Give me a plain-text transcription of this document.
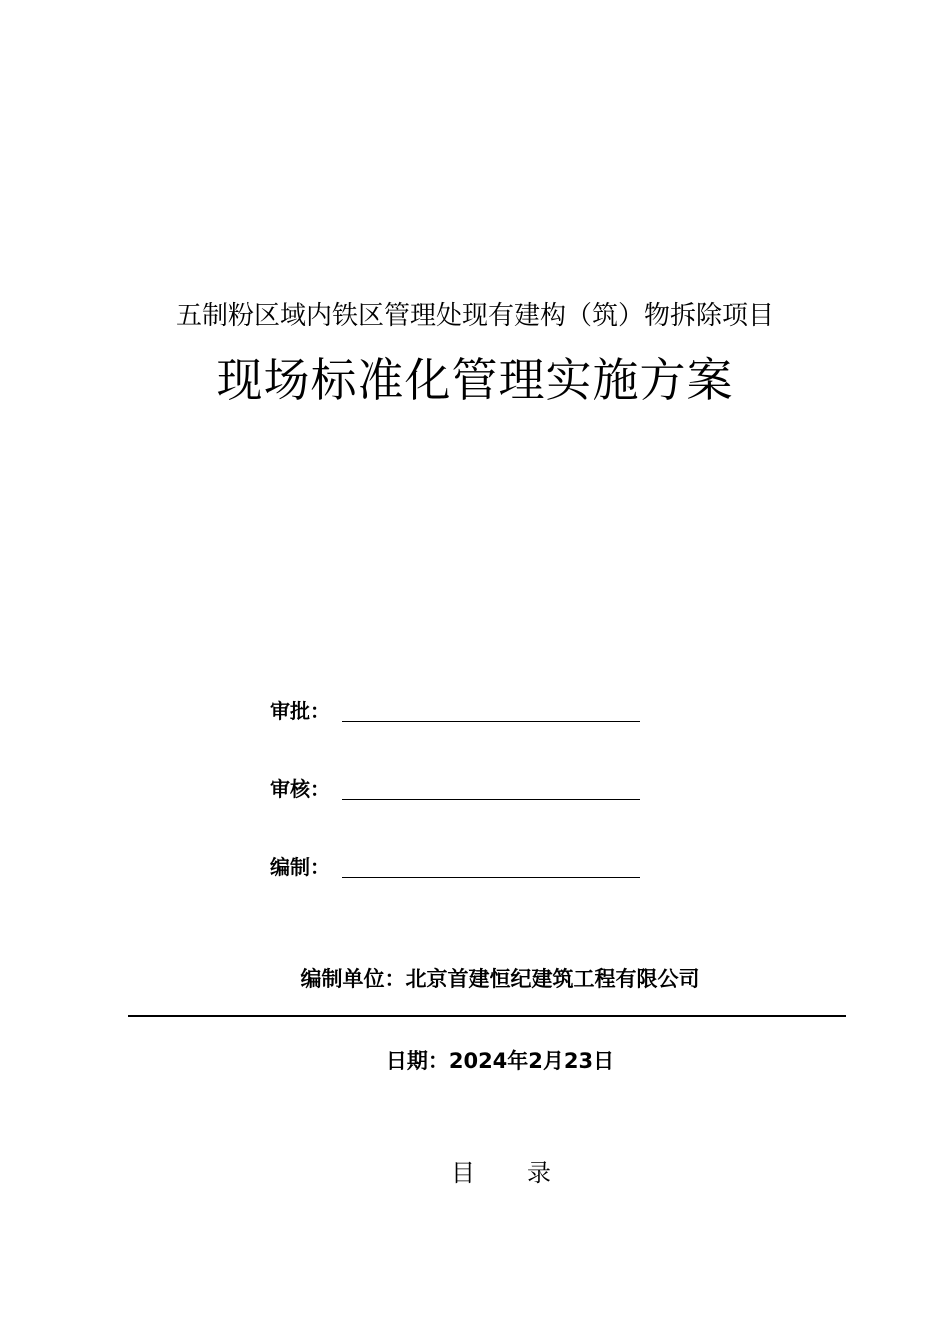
五制粉区域内铁区管理处现有建构（筑）物拆除项目
现场标准化管理实施方案
审批：
审核：
编制：
编制单位：北京首建恒纪建筑工程有限公司
日期：2024年2月23日
目 录
